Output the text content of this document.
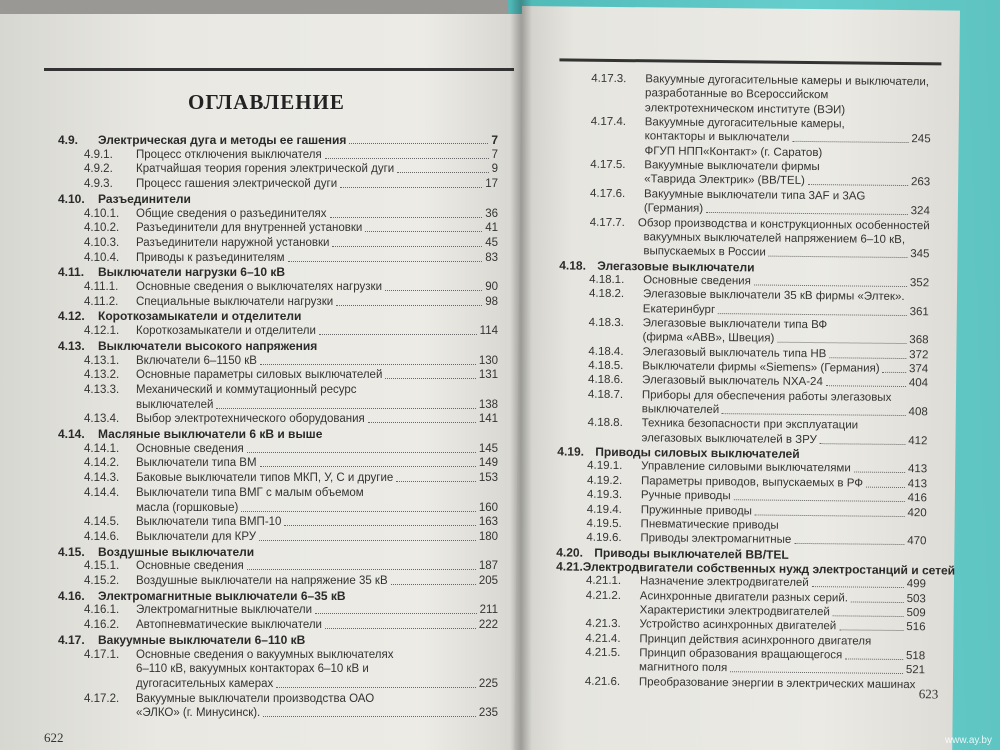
ОГЛАВЛЕНИЕ
4.9.	Электрическая дуга и методы ее гашения	7
4.9.1.	Процесс отключения выключателя	7
4.9.2.	Кратчайшая теория горения электрической дуги	9
4.9.3.	Процесс гашения электрической дуги	17
4.10.	Разъединители
4.10.1.	Общие сведения о разъединителях	36
4.10.2.	Разъединители для внутренней установки	41
4.10.3.	Разъединители наружной установки	45
4.10.4.	Приводы к разъединителям	83
4.11.	Выключатели нагрузки 6–10 кВ
4.11.1.	Основные сведения о выключателях нагрузки	90
4.11.2.	Специальные выключатели нагрузки	98
4.12.	Короткозамыкатели и отделители
4.12.1.	Короткозамыкатели и отделители	114
4.13.	Выключатели высокого напряжения
4.13.1.	Включатели 6–1150 кВ	130
4.13.2.	Основные параметры силовых выключателей	131
4.13.3.	Механический и коммутационный ресурс
выключателей	138
4.13.4.	Выбор электротехнического оборудования	141
4.14.	Масляные выключатели 6 кВ и выше
4.14.1.	Основные сведения	145
4.14.2.	Выключатели типа ВМ	149
4.14.3.	Баковые выключатели типов МКП, У, С и другие	153
4.14.4.	Выключатели типа ВМГ с малым объемом
масла (горшковые)	160
4.14.5.	Выключатели типа ВМП-10	163
4.14.6.	Выключатели для КРУ	180
4.15.	Воздушные выключатели
4.15.1.	Основные сведения	187
4.15.2.	Воздушные выключатели на напряжение 35 кВ	205
4.16.	Электромагнитные выключатели 6–35 кВ
4.16.1.	Электромагнитные выключатели	211
4.16.2.	Автопневматические выключатели	222
4.17.	Вакуумные выключатели 6–110 кВ
4.17.1.	Основные сведения о вакуумных выключателях
6–110 кВ, вакуумных контакторах 6–10 кВ и
дугогасительных камерах	225
4.17.2.	Вакуумные выключатели производства ОАО
«ЭЛКО» (г. Минусинск).	235
622
4.17.3.	Вакуумные дугогасительные камеры и выключатели,
разработанные во Всероссийском
электротехническом институте (ВЭИ)
4.17.4.	Вакуумные дугогасительные камеры,
контакторы и выключатели	245
ФГУП НПП«Контакт» (г. Саратов)
4.17.5.	Вакуумные выключатели фирмы
«Таврида Электрик» (ВВ/TEL)	263
4.17.6.	Вакуумные выключатели типа 3AF и 3AG
(Германия)	324
4.17.7.	Обзор производства и конструкционных особенностей
вакуумных выключателей напряжением 6–10 кВ,
выпускаемых в России	345
4.18. Элегазовые выключатели
4.18.1.	Основные сведения	352
4.18.2.	Элегазовые выключатели 35 кВ фирмы «Элтек».
Екатеринбург	361
4.18.3.	Элегазовые выключатели типа ВФ
(фирма «АВВ», Швеция)	368
4.18.4.	Элегазовый выключатель типа НВ	372
4.18.5.	Выключатели фирмы «Siemens» (Германия)	374
4.18.6.	Элегазовый выключатель NXA-24	404
4.18.7.	Приборы для обеспечения работы элегазовых
выключателей	408
4.18.8.	Техника безопасности при эксплуатации
элегазовых выключателей в ЗРУ	412
4.19. Приводы силовых выключателей
4.19.1.	Управление силовыми выключателями	413
4.19.2.	Параметры приводов, выпускаемых в РФ	413
4.19.3.	Ручные приводы	416
4.19.4.	Пружинные приводы	420
4.19.5.	Пневматические приводы
4.19.6.	Приводы электромагнитные	470
4.20. Приводы выключателей ВВ/TEL
4.21. Электродвигатели собственных нужд электростанций и сетей
4.21.1.	Назначение электродвигателей	499
4.21.2.	Асинхронные двигатели разных серий.	503
Характеристики электродвигателей	509
4.21.3.	Устройство асинхронных двигателей	516
4.21.4.	Принцип действия асинхронного двигателя
4.21.5.	Принцип образования вращающегося	518
магнитного поля	521
4.21.6.	Преобразование энергии в электрических машинах
623
www.ay.by
